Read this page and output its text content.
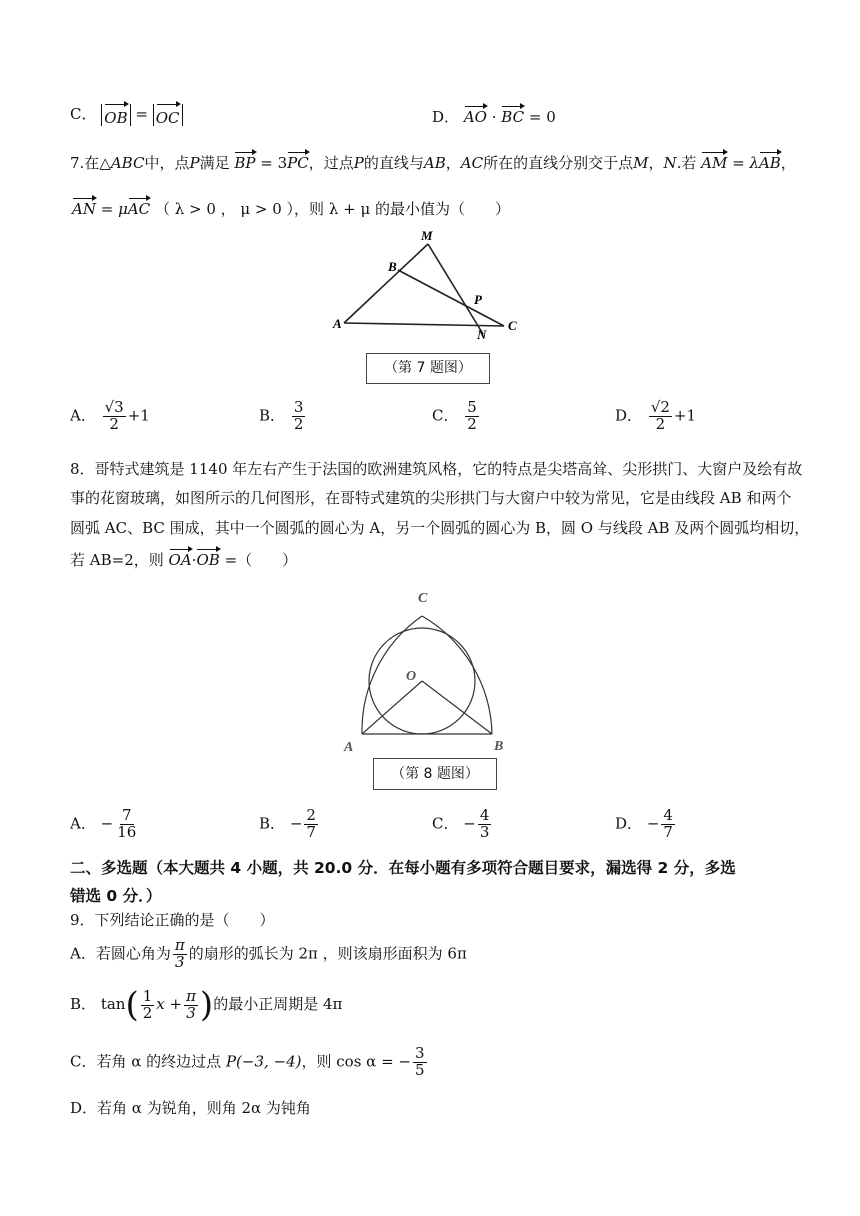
C． OB = OC	D． AO · BC = 0
7.在△ABC中，点P满足 BP = 3PC，过点P的直线与AB，AC所在的直线分别交于点M，N.若 AM = λAB，
AN = μAC （ λ > 0 ， μ > 0 ），则 λ + μ 的最小值为（　　）
M
B
P
A
N
C
（第 7 题图）
A． $\frac{√3}{2} +1$	B． $\frac{3}{2}$	C． $\frac{5}{2}$	D． $\frac{√2}{2} +1$
8．哥特式建筑是 1140 年左右产生于法国的欧洲建筑风格，它的特点是尖塔高耸、尖形拱门、大窗户及绘有故
事的花窗玻璃，如图所示的几何图形，在哥特式建筑的尖形拱门与大窗户中较为常见，它是由线段 AB 和两个
圆弧 AC、BC 围成，其中一个圆弧的圆心为 A，另一个圆弧的圆心为 B，圆 O 与线段 AB 及两个圆弧均相切，
若 AB=2，则 OA·OB =（　　）
C
O
A	B
（第 8 题图）
A． − $\frac{7}{16}$	B． − $\frac{2}{7}$	C． − $\frac{4}{3}$	D． − $\frac{4}{7}$
二、多选题（本大题共 4 小题，共 20.0 分．在每小题有多项符合题目要求，漏选得 2 分，多选
错选 0 分．）
9．下列结论正确的是（　　）
A．若圆心角为 $\frac{\pi}{3}$ 的扇形的弧长为 2π ，则该扇形面积为 6π
B． $\tan( \frac{1}{2}$ $x + \frac{\pi}{3}$ )的最小正周期是 4π
C．若角 α 的终边过点 P(−3, −4)，则 cos α = − $\frac{3}{5}$
D．若角 α 为锐角，则角 2α 为钝角
